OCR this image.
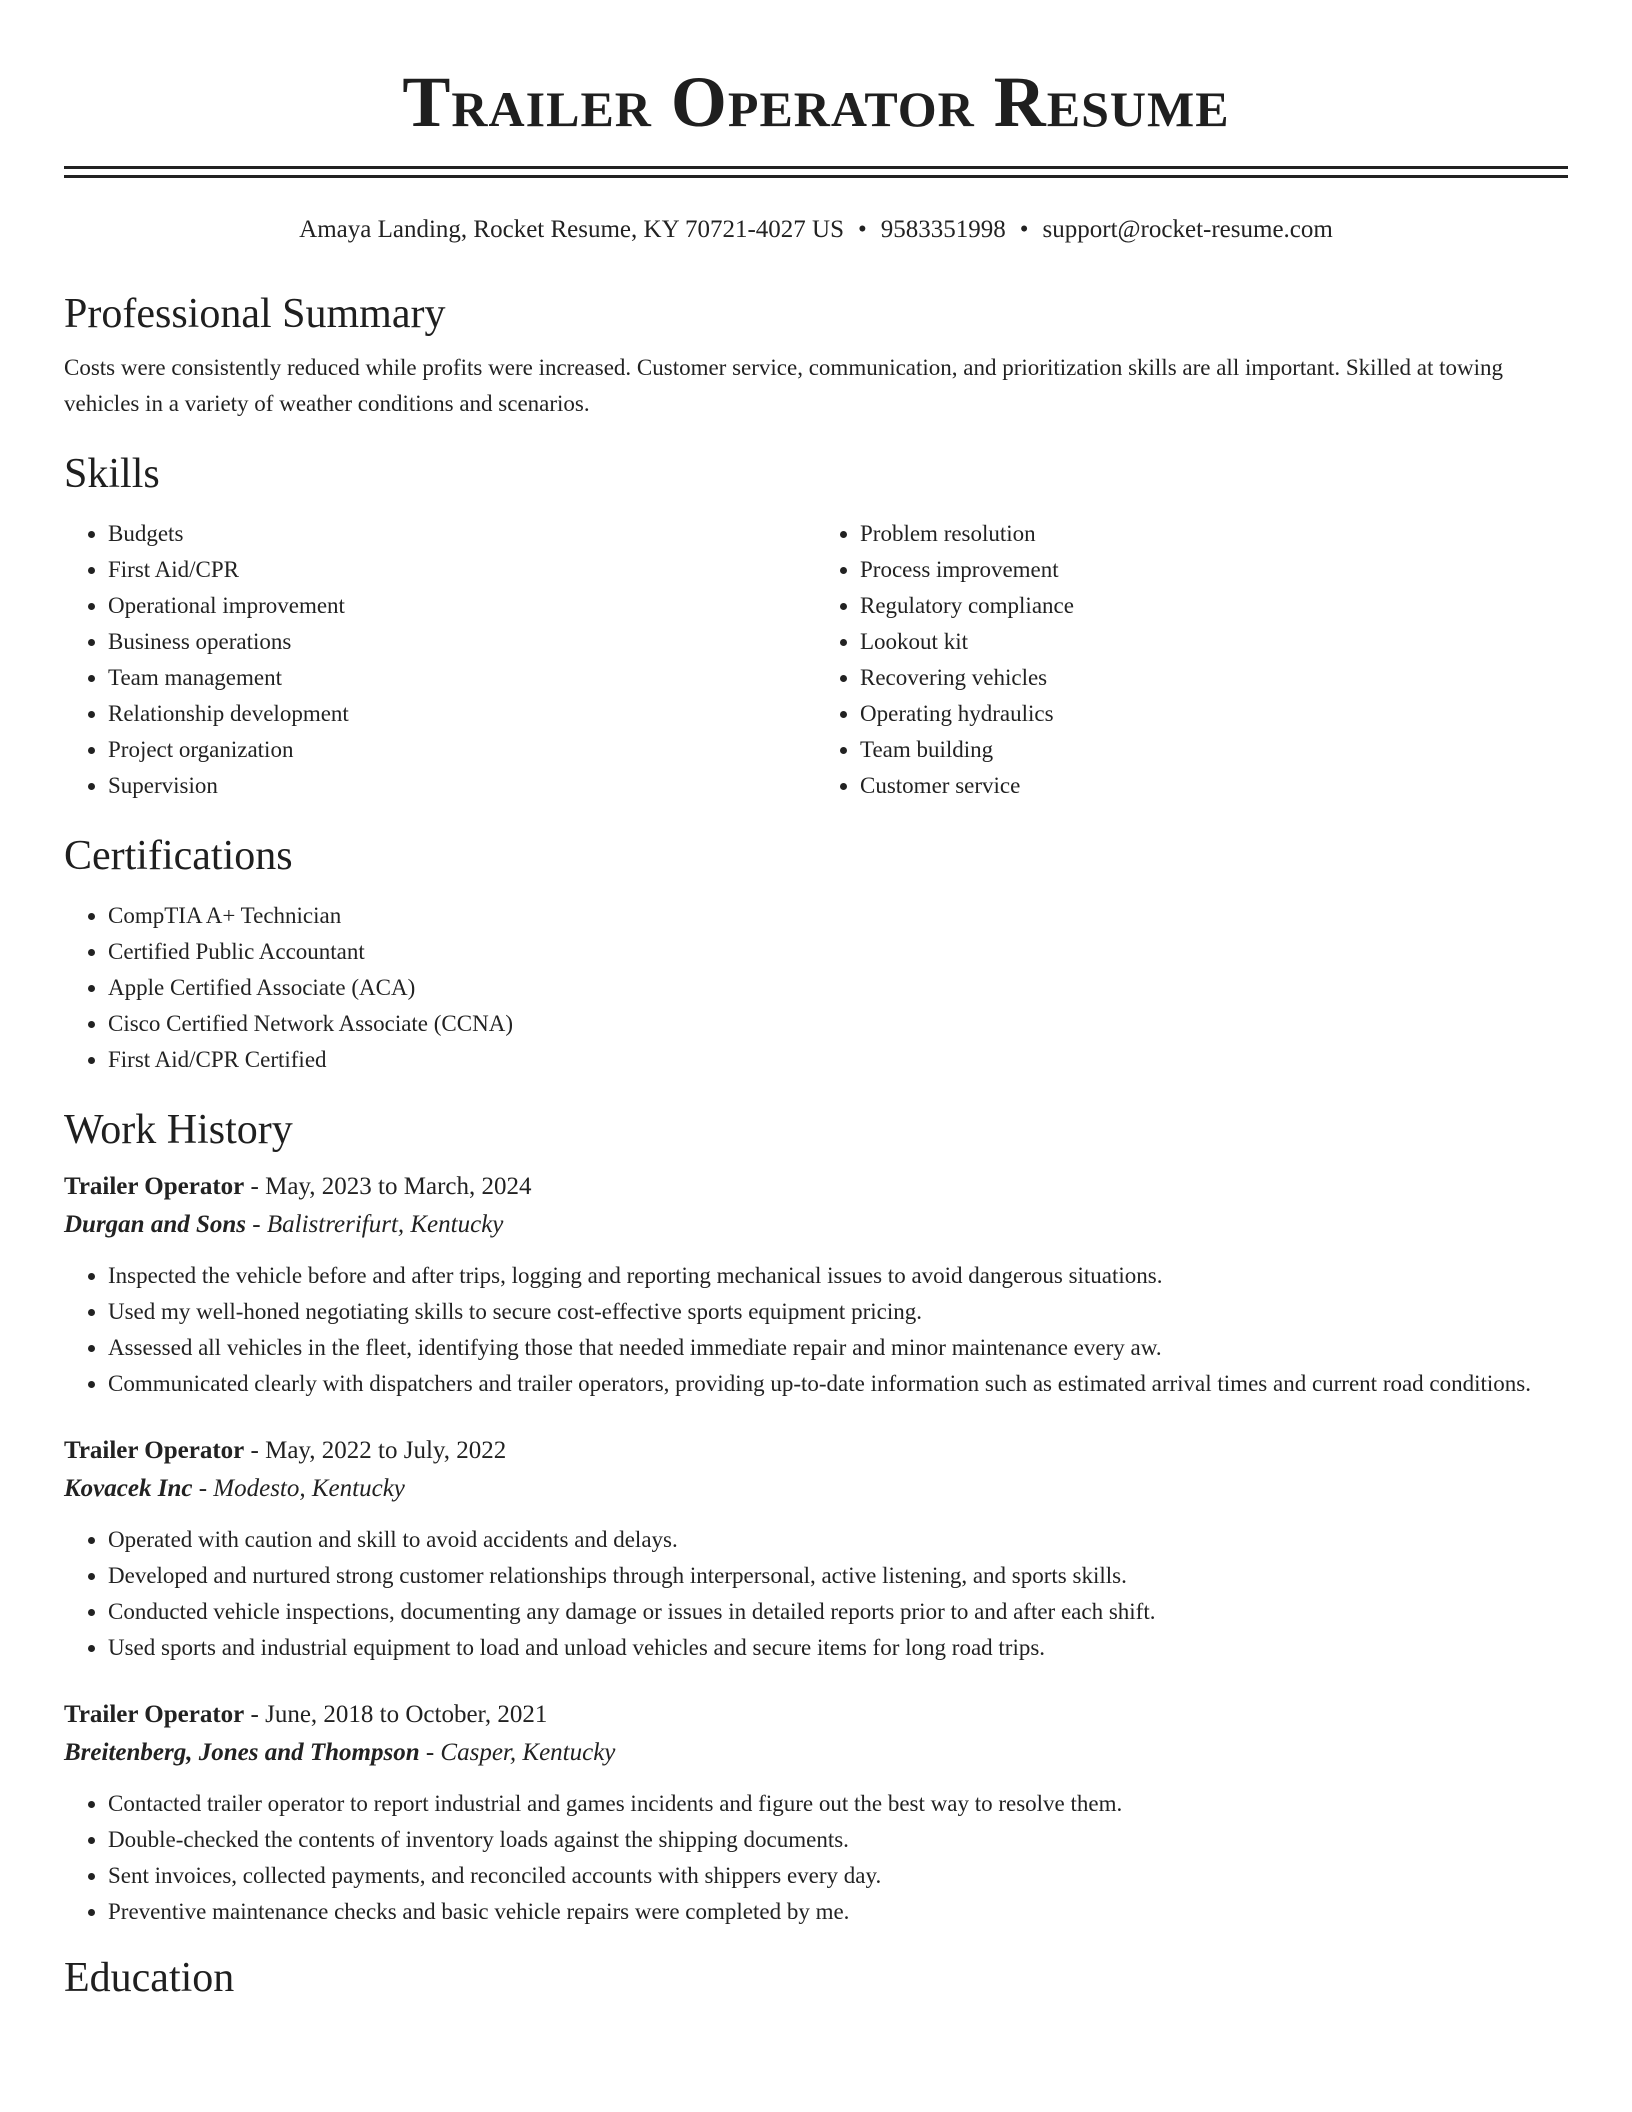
Trailer Operator Resume
Amaya Landing, Rocket Resume, KY 70721-4027 US • 9583351998 • support@rocket-resume.com
Professional Summary

Costs were consistently reduced while profits were increased. Customer service, communication, and prioritization skills are all important. Skilled at towing vehicles in a variety of weather conditions and scenarios.

Skills
• Budgets
• First Aid/CPR
• Operational improvement
• Business operations
• Team management
• Relationship development
• Project organization
• Supervision
• Problem resolution
• Process improvement
• Regulatory compliance
• Lookout kit
• Recovering vehicles
• Operating hydraulics
• Team building
• Customer service
Certifications
• CompTIA A+ Technician
• Certified Public Accountant
• Apple Certified Associate (ACA)
• Cisco Certified Network Associate (CCNA)
• First Aid/CPR Certified
Work History

Trailer Operator - May, 2023 to March, 2024

Durgan and Sons - Balistrerifurt, Kentucky

• Inspected the vehicle before and after trips, logging and reporting mechanical issues to avoid dangerous situations.
• Used my well-honed negotiating skills to secure cost-effective sports equipment pricing.
• Assessed all vehicles in the fleet, identifying those that needed immediate repair and minor maintenance every aw.
• Communicated clearly with dispatchers and trailer operators, providing up-to-date information such as estimated arrival times and current road conditions.

Trailer Operator - May, 2022 to July, 2022

Kovacek Inc - Modesto, Kentucky

• Operated with caution and skill to avoid accidents and delays.
• Developed and nurtured strong customer relationships through interpersonal, active listening, and sports skills.
• Conducted vehicle inspections, documenting any damage or issues in detailed reports prior to and after each shift.
• Used sports and industrial equipment to load and unload vehicles and secure items for long road trips.

Trailer Operator - June, 2018 to October, 2021

Breitenberg, Jones and Thompson - Casper, Kentucky

• Contacted trailer operator to report industrial and games incidents and figure out the best way to resolve them.
• Double-checked the contents of inventory loads against the shipping documents.
• Sent invoices, collected payments, and reconciled accounts with shippers every day.
• Preventive maintenance checks and basic vehicle repairs were completed by me.
Education
